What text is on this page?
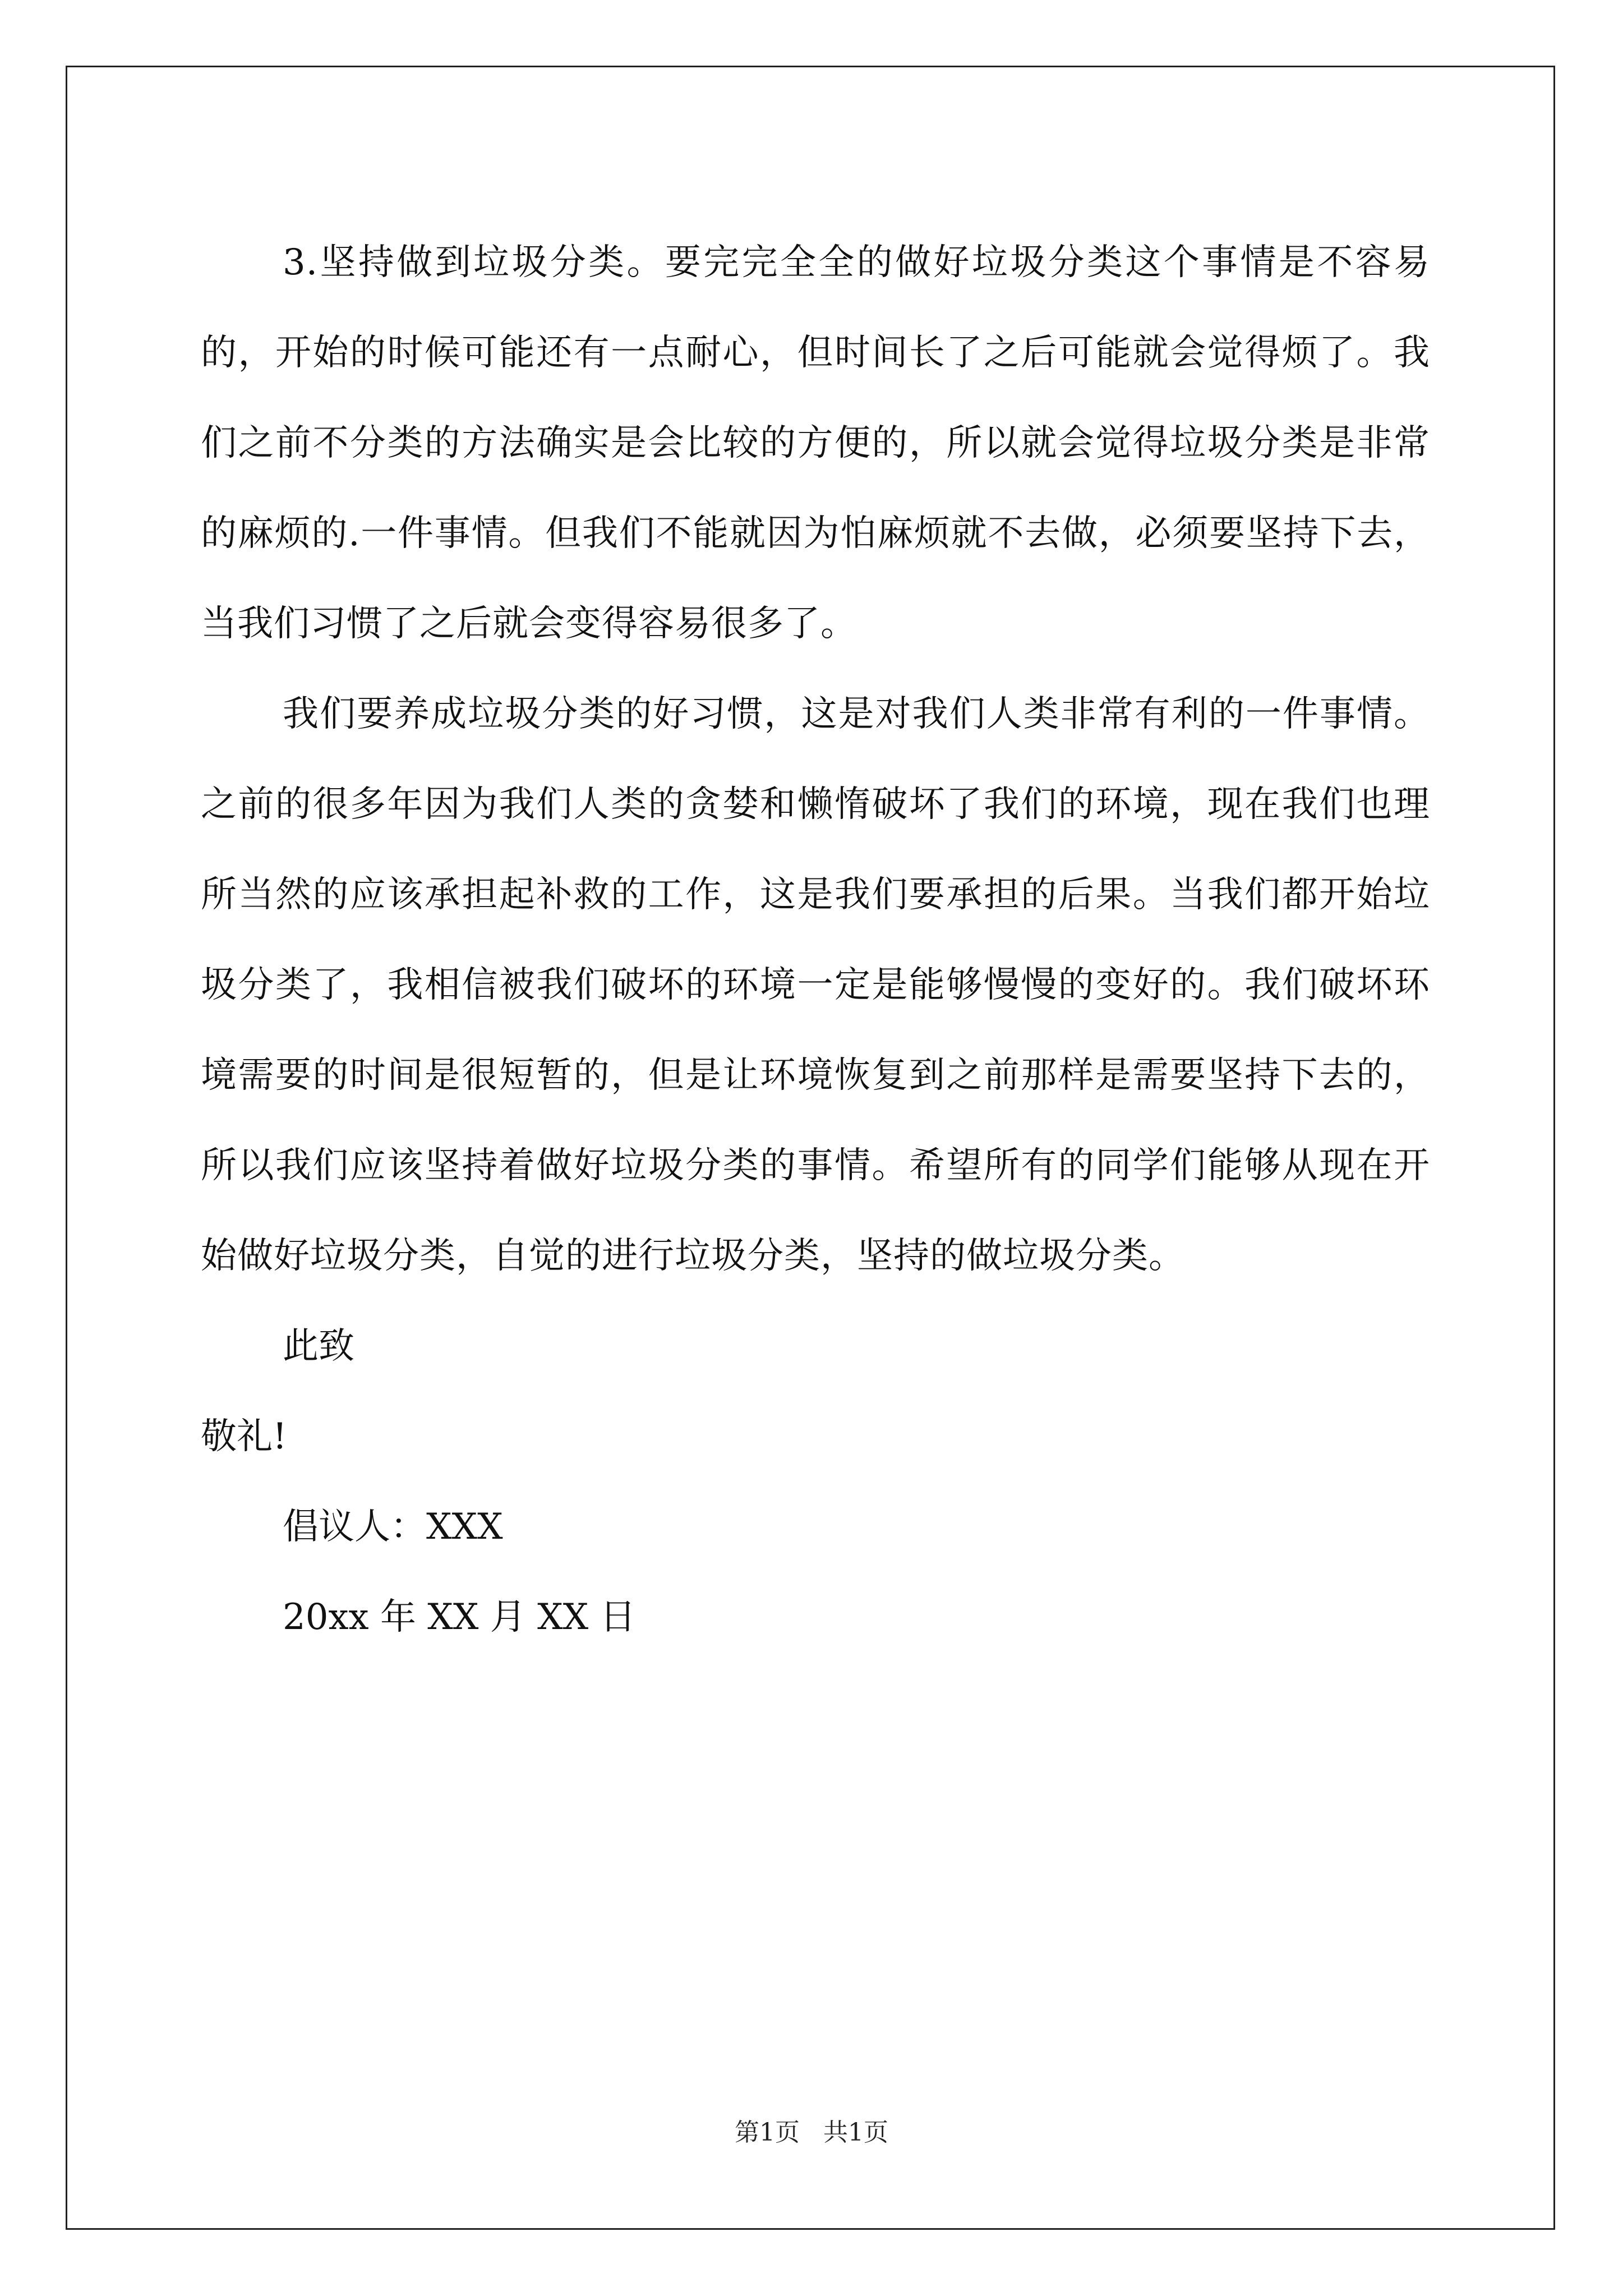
3.坚持做到垃圾分类。要完完全全的做好垃圾分类这个事情是不容易的，开始的时候可能还有一点耐心，但时间长了之后可能就会觉得烦了。我们之前不分类的方法确实是会比较的方便的，所以就会觉得垃圾分类是非常的麻烦的.一件事情。但我们不能就因为怕麻烦就不去做，必须要坚持下去，当我们习惯了之后就会变得容易很多了。

我们要养成垃圾分类的好习惯，这是对我们人类非常有利的一件事情。之前的很多年因为我们人类的贪婪和懒惰破坏了我们的环境，现在我们也理所当然的应该承担起补救的工作，这是我们要承担的后果。当我们都开始垃圾分类了，我相信被我们破坏的环境一定是能够慢慢的变好的。我们破坏环境需要的时间是很短暂的，但是让环境恢复到之前那样是需要坚持下去的，所以我们应该坚持着做好垃圾分类的事情。希望所有的同学们能够从现在开始做好垃圾分类，自觉的进行垃圾分类，坚持的做垃圾分类。

此致

敬礼!

倡议人：XXX

20xx 年 XX 月 XX 日

第1页   共1页
